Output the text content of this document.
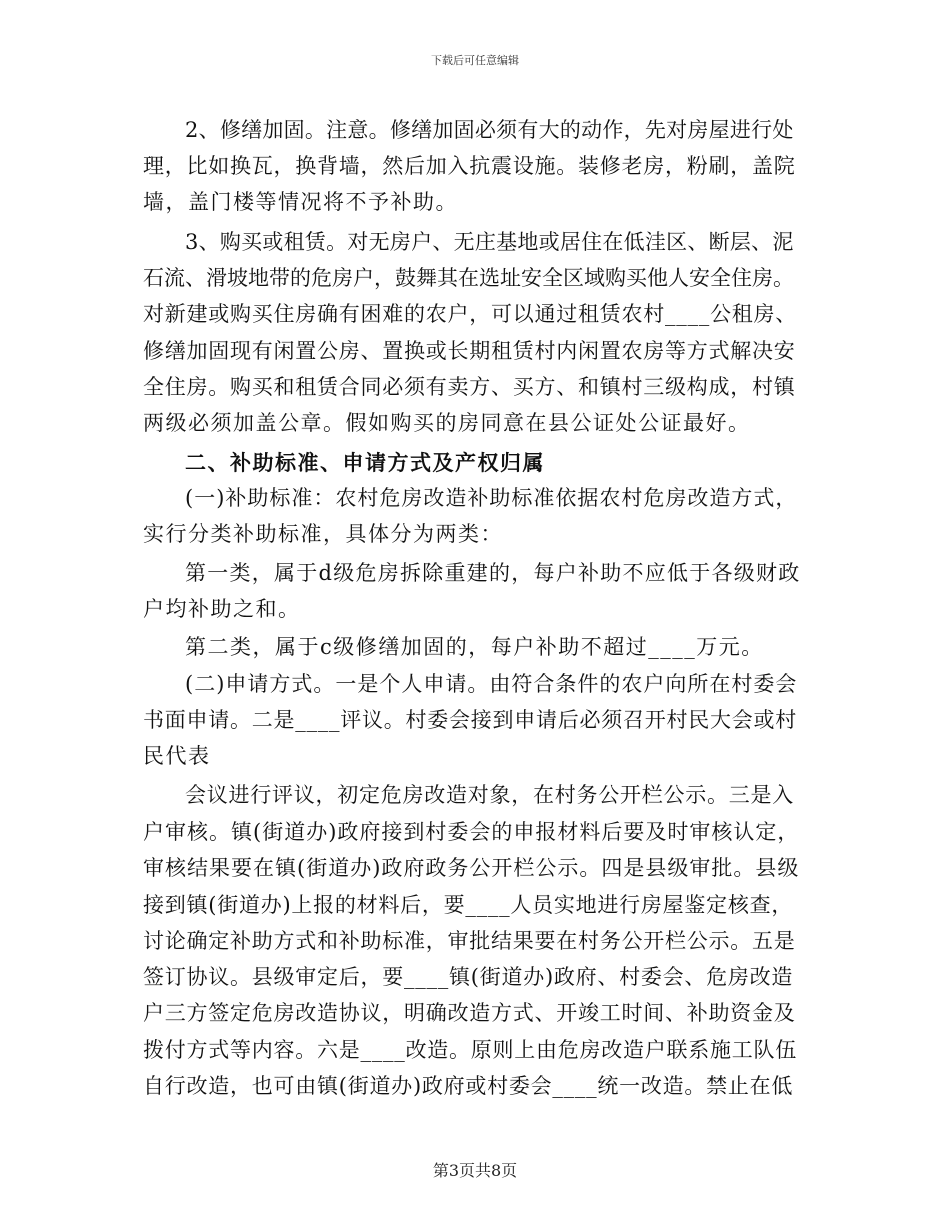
下载后可任意编辑
2、修缮加固。注意。修缮加固必须有大的动作，先对房屋进行处
理，比如换瓦，换背墙，然后加入抗震设施。装修老房，粉刷，盖院
墙，盖门楼等情况将不予补助。
3、购买或租赁。对无房户、无庄基地或居住在低洼区、断层、泥
石流、滑坡地带的危房户，鼓舞其在选址安全区域购买他人安全住房。
对新建或购买住房确有困难的农户，可以通过租赁农村____公租房、
修缮加固现有闲置公房、置换或长期租赁村内闲置农房等方式解决安
全住房。购买和租赁合同必须有卖方、买方、和镇村三级构成，村镇
两级必须加盖公章。假如购买的房同意在县公证处公证最好。
二、补助标准、申请方式及产权归属
(一)补助标准：农村危房改造补助标准依据农村危房改造方式，
实行分类补助标准，具体分为两类：
第一类，属于d级危房拆除重建的，每户补助不应低于各级财政
户均补助之和。
第二类，属于c级修缮加固的，每户补助不超过____万元。
(二)申请方式。一是个人申请。由符合条件的农户向所在村委会
书面申请。二是____评议。村委会接到申请后必须召开村民大会或村
民代表
会议进行评议，初定危房改造对象，在村务公开栏公示。三是入
户审核。镇(街道办)政府接到村委会的申报材料后要及时审核认定，
审核结果要在镇(街道办)政府政务公开栏公示。四是县级审批。县级
接到镇(街道办)上报的材料后，要____人员实地进行房屋鉴定核查，
讨论确定补助方式和补助标准，审批结果要在村务公开栏公示。五是
签订协议。县级审定后，要____镇(街道办)政府、村委会、危房改造
户三方签定危房改造协议，明确改造方式、开竣工时间、补助资金及
拨付方式等内容。六是____改造。原则上由危房改造户联系施工队伍
自行改造，也可由镇(街道办)政府或村委会____统一改造。禁止在低
第3页共8页
